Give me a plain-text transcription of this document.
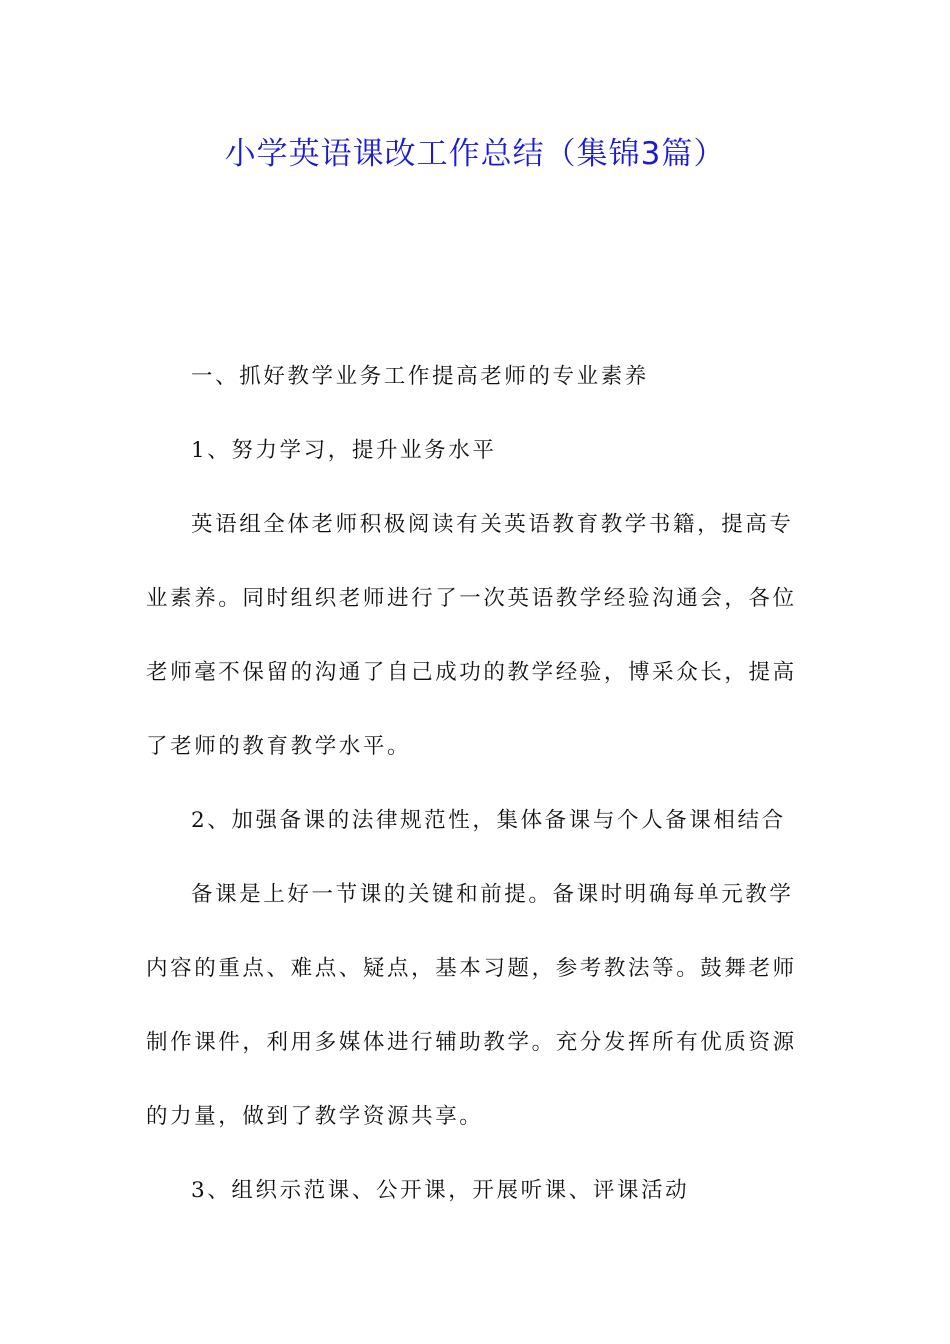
小学英语课改工作总结（集锦3篇）

一、抓好教学业务工作提高老师的专业素养

1、努力学习，提升业务水平

英语组全体老师积极阅读有关英语教育教学书籍，提高专
业素养。同时组织老师进行了一次英语教学经验沟通会，各位
老师毫不保留的沟通了自己成功的教学经验，博采众长，提高
了老师的教育教学水平。

2、加强备课的法律规范性，集体备课与个人备课相结合

备课是上好一节课的关键和前提。备课时明确每单元教学
内容的重点、难点、疑点，基本习题，参考教法等。鼓舞老师
制作课件，利用多媒体进行辅助教学。充分发挥所有优质资源
的力量，做到了教学资源共享。

3、组织示范课、公开课，开展听课、评课活动
